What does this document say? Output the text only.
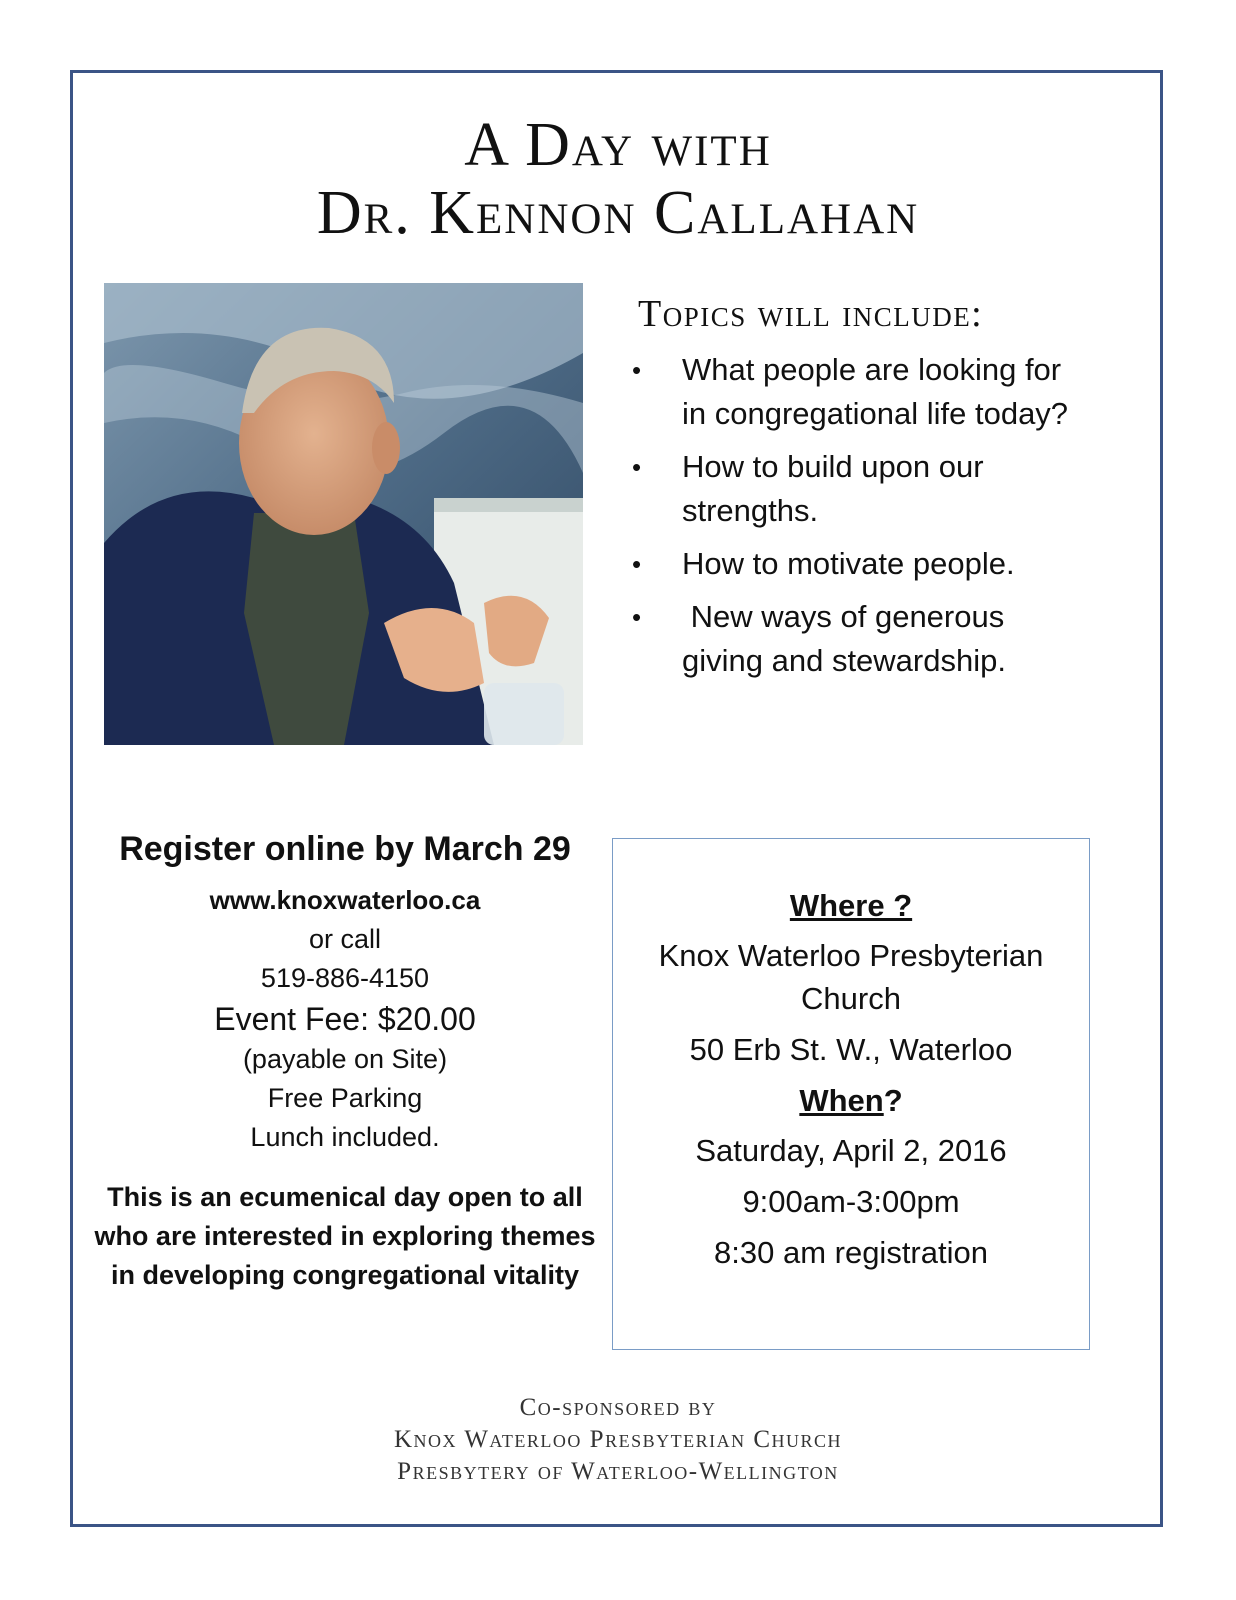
A Day with
Dr. Kennon Callahan
Topics will include:
• What people are looking for in congregational life today?
• How to build upon our strengths.
• How to motivate people.
• New ways of generous giving and stewardship.
Register online by March 29
www.knoxwaterloo.ca
or call
519-886-4150
Event Fee: $20.00
(payable on Site)
Free Parking
Lunch included.
This is an ecumenical day open to all who are interested in exploring themes in developing congregational vitality
Where ?
Knox Waterloo Presbyterian Church
50 Erb St. W., Waterloo
When?
Saturday, April 2, 2016
9:00am-3:00pm
8:30 am registration
Co-sponsored by
Knox Waterloo Presbyterian Church
Presbytery of Waterloo-Wellington
